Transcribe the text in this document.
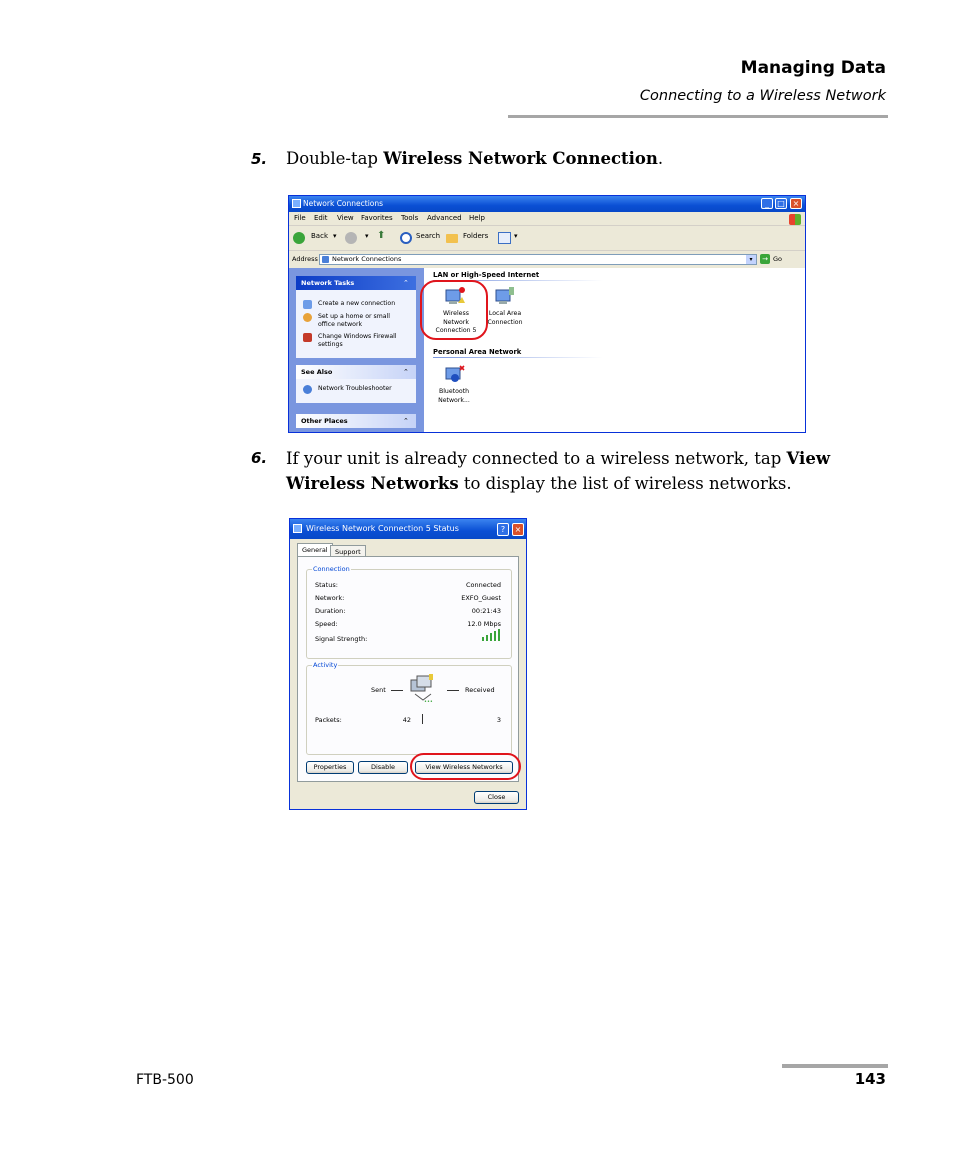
Managing Data
Connecting to a Wireless Network
5. Double-tap Wireless Network Connection.
Network Connections	_	□ ×
File Edit View Favorites Tools Advanced Help
Back ▾	▾ ⬆	Search	Folders	▾
Address	Network Connections	▾	→ Go
Network Tasks	⌃
Create a new connection
Set up a home or small
office network
Change Windows Firewall
settings
See Also	⌃
Network Troubleshooter
Other Places	⌃
LAN or High-Speed Internet
Wireless
Network
Connection 5
Local Area
Connection
Personal Area Network
Bluetooth
Network...
6. If your unit is already connected to a wireless network, tap View
Wireless Networks to display the list of wireless networks.
Wireless Network Connection 5 Status	?	×
General	Support
Connection
Status:	Connected
Network:	EXFO_Guest
Duration:	00:21:43
Speed:	12.0 Mbps
Signal Strength:
Activity
Sent
•••
Received
Packets:	42	3
Properties	Disable	View Wireless Networks
Close
FTB-500	143
